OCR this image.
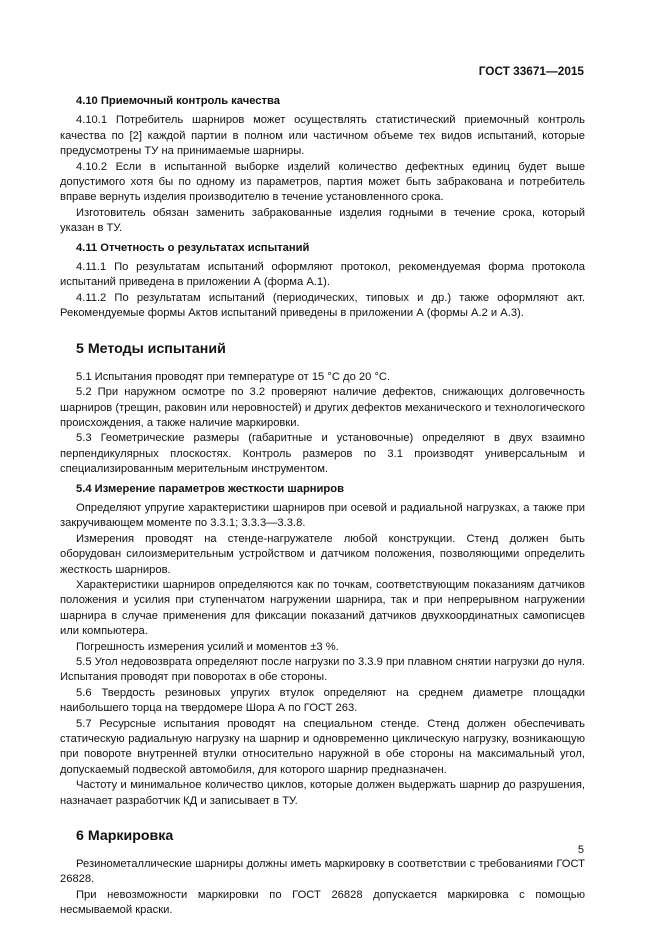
ГОСТ 33671—2015
4.10 Приемочный контроль качества

4.10.1 Потребитель шарниров может осуществлять статистический приемочный контроль качества по [2] каждой партии в полном или частичном объеме тех видов испытаний, которые предусмотрены ТУ на принимаемые шарниры.

4.10.2 Если в испытанной выборке изделий количество дефектных единиц будет выше допустимого хотя бы по одному из параметров, партия может быть забракована и потребитель вправе вернуть изделия производителю в течение установленного срока.

Изготовитель обязан заменить забракованные изделия годными в течение срока, который указан в ТУ.

4.11 Отчетность о результатах испытаний

4.11.1 По результатам испытаний оформляют протокол, рекомендуемая форма протокола испытаний приведена в приложении А (форма А.1).

4.11.2 По результатам испытаний (периодических, типовых и др.) также оформляют акт. Рекомендуемые формы Актов испытаний приведены в приложении А (формы А.2 и А.3).

5 Методы испытаний

5.1 Испытания проводят при температуре от 15 °С до 20 °С.

5.2 При наружном осмотре по 3.2 проверяют наличие дефектов, снижающих долговечность шарниров (трещин, раковин или неровностей) и других дефектов механического и технологического происхождения, а также наличие маркировки.

5.3 Геометрические размеры (габаритные и установочные) определяют в двух взаимно перпендикулярных плоскостях. Контроль размеров по 3.1 производят универсальным и специализированным мерительным инструментом.

5.4 Измерение параметров жесткости шарниров

Определяют упругие характеристики шарниров при осевой и радиальной нагрузках, а также при закручивающем моменте по 3.3.1; 3.3.3—3.3.8.

Измерения проводят на стенде-нагружателе любой конструкции. Стенд должен быть оборудован силоизмерительным устройством и датчиком положения, позволяющими определить жесткость шарниров.

Характеристики шарниров определяются как по точкам, соответствующим показаниям датчиков положения и усилия при ступенчатом нагружении шарнира, так и при непрерывном нагружении шарнира в случае применения для фиксации показаний датчиков двухкоординатных самописцев или компьютера.

Погрешность измерения усилий и моментов ±3 %.

5.5 Угол недовозврата определяют после нагрузки по 3.3.9 при плавном снятии нагрузки до нуля. Испытания проводят при поворотах в обе стороны.

5.6 Твердость резиновых упругих втулок определяют на среднем диаметре площадки наибольшего торца на твердомере Шора А по ГОСТ 263.

5.7 Ресурсные испытания проводят на специальном стенде. Стенд должен обеспечивать статическую радиальную нагрузку на шарнир и одновременно циклическую нагрузку, возникающую при повороте внутренней втулки относительно наружной в обе стороны на максимальный угол, допускаемый подвеской автомобиля, для которого шарнир предназначен.

Частоту и минимальное количество циклов, которые должен выдержать шарнир до разрушения, назначает разработчик КД и записывает в ТУ.

6 Маркировка

Резинометаллические шарниры должны иметь маркировку в соответствии с требованиями ГОСТ 26828.

При невозможности маркировки по ГОСТ 26828 допускается маркировка с помощью несмываемой краски.

5
